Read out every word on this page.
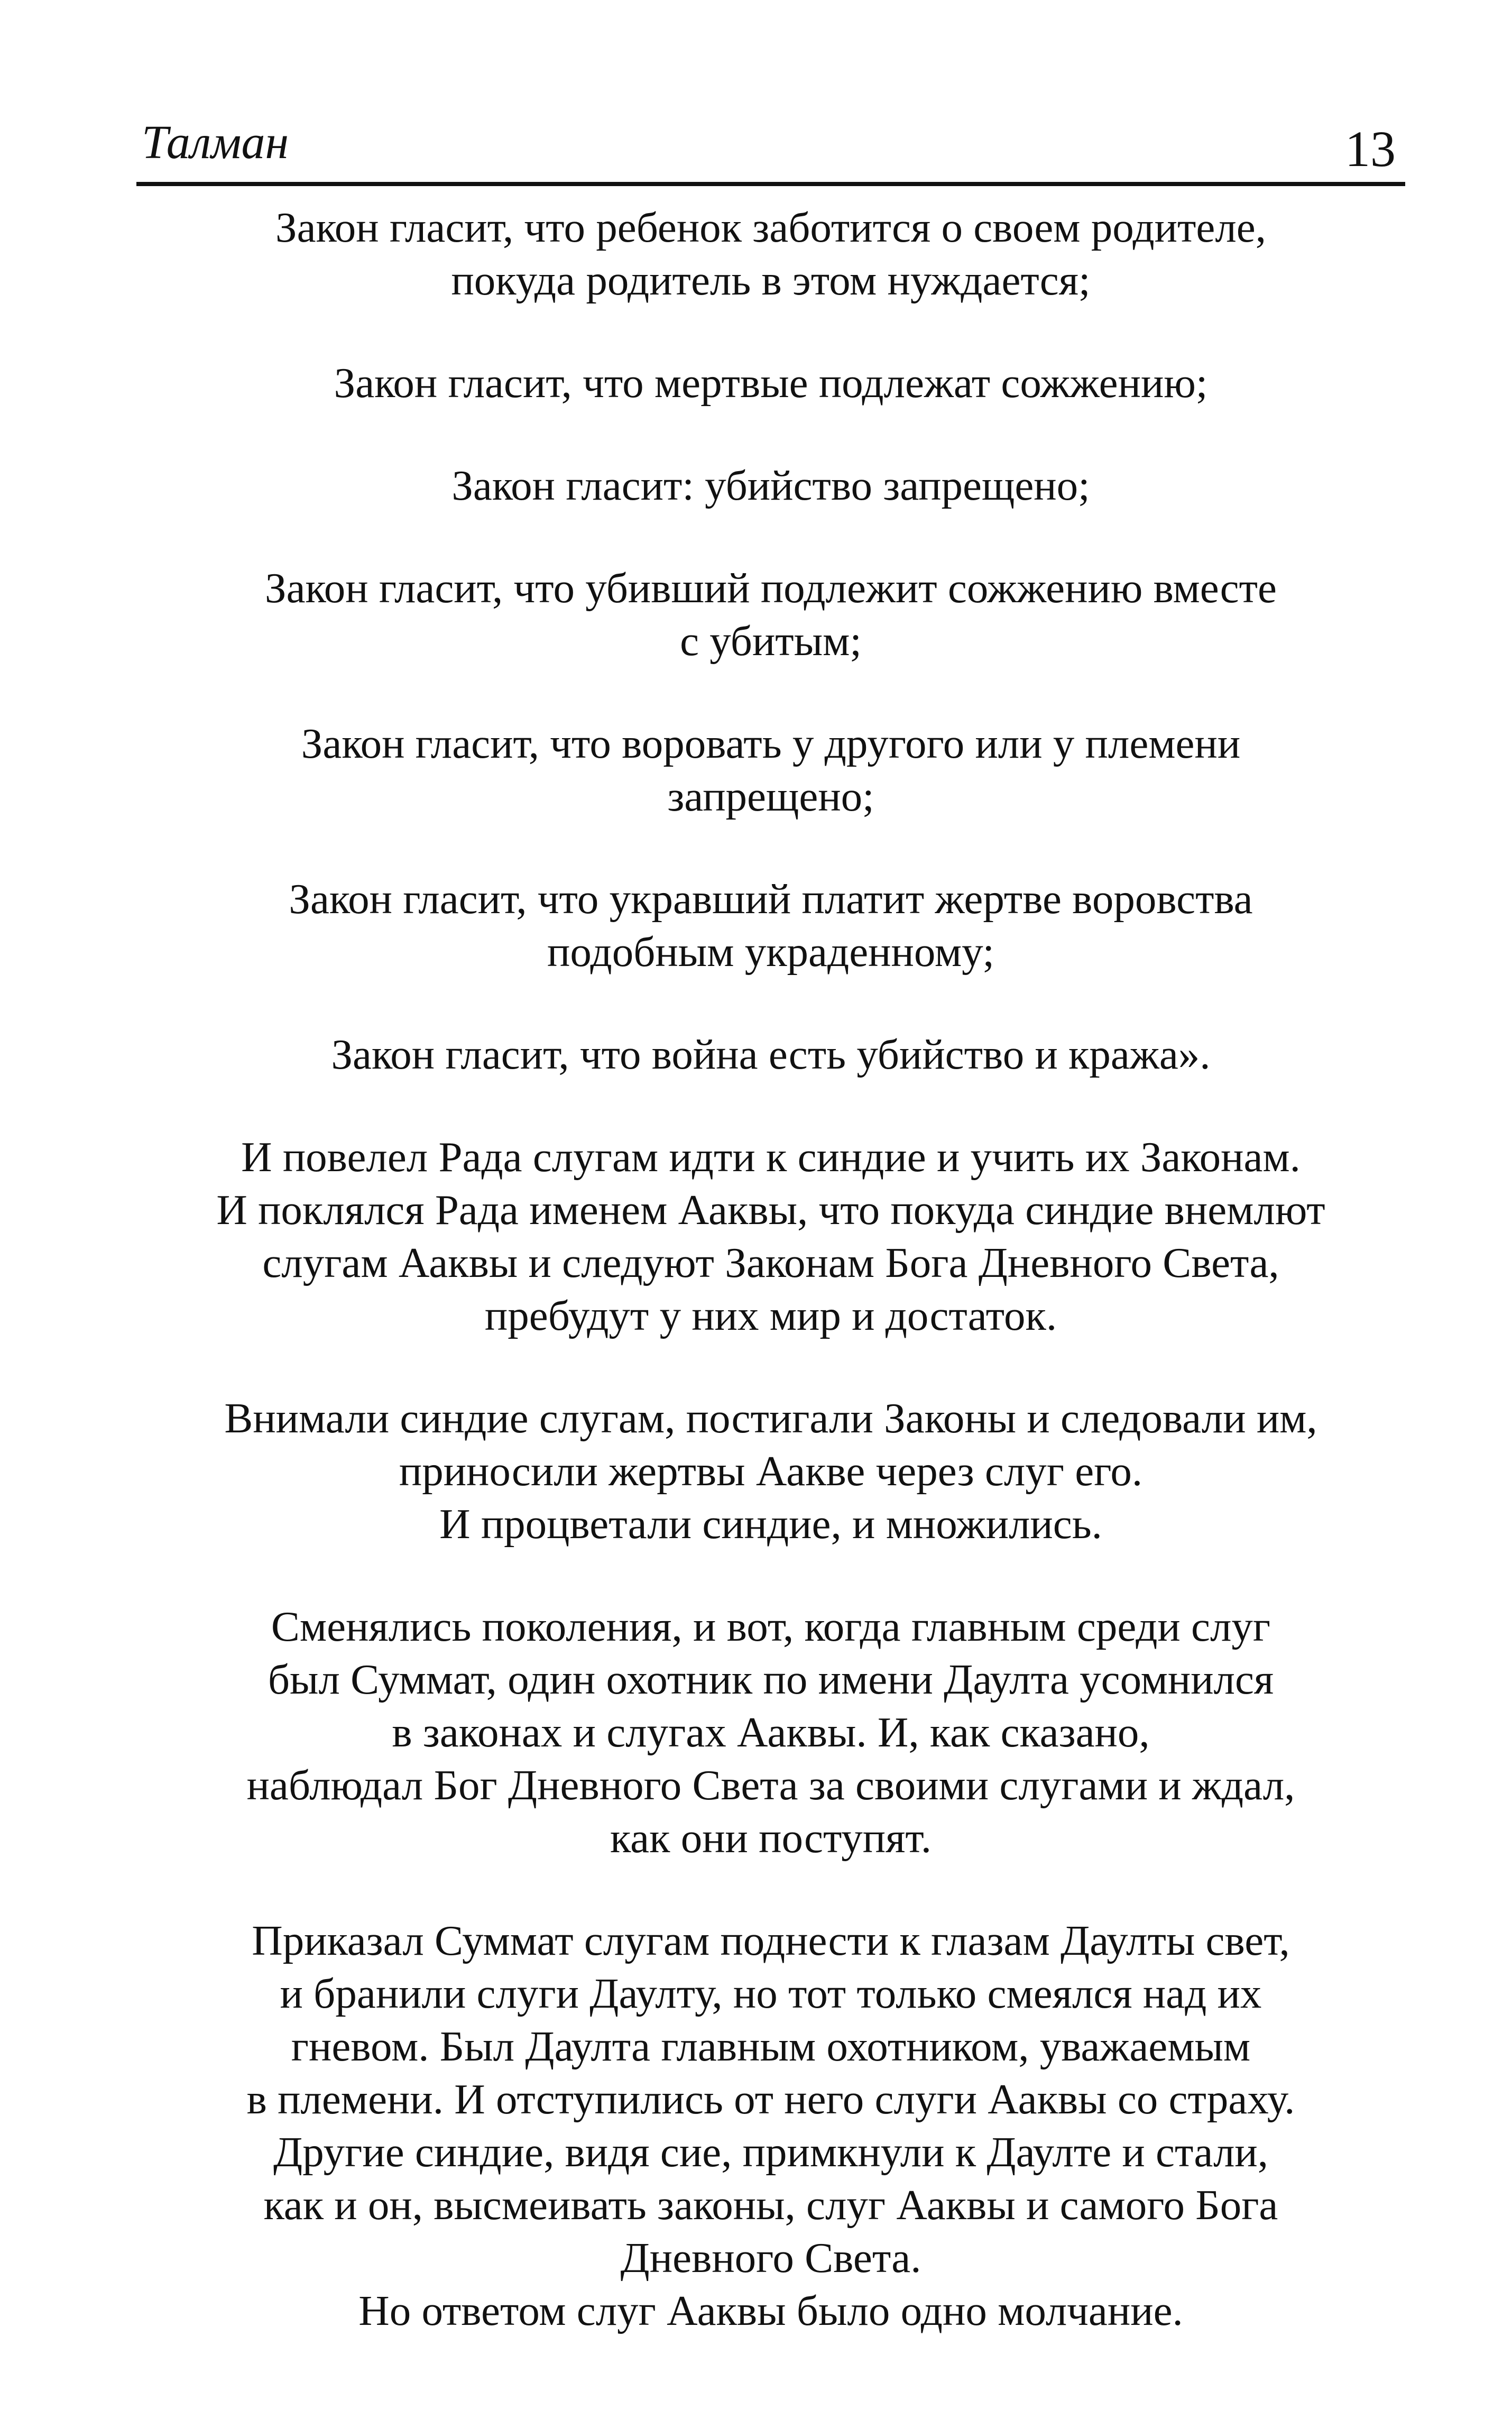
Талман	13

Закон гласит, что ребенок заботится о своем родителе,
покуда родитель в этом нуждается;

Закон гласит, что мертвые подлежат сожжению;

Закон гласит: убийство запрещено;

Закон гласит, что убивший подлежит сожжению вместе
с убитым;

Закон гласит, что воровать у другого или у племени
запрещено;

Закон гласит, что укравший платит жертве воровства
подобным украденному;

Закон гласит, что война есть убийство и кража».

И повелел Рада слугам идти к синдие и учить их Законам.
И поклялся Рада именем Ааквы, что покуда синдие внемлют
слугам Ааквы и следуют Законам Бога Дневного Света,
пребудут у них мир и достаток.

Внимали синдие слугам, постигали Законы и следовали им,
приносили жертвы Аакве через слуг его.
И процветали синдие, и множились.

Сменялись поколения, и вот, когда главным среди слуг
был Суммат, один охотник по имени Даулта усомнился
в законах и слугах Ааквы. И, как сказано,
наблюдал Бог Дневного Света за своими слугами и ждал,
как они поступят.

Приказал Суммат слугам поднести к глазам Даулты свет,
и бранили слуги Даулту, но тот только смеялся над их
гневом. Был Даулта главным охотником, уважаемым
в племени. И отступились от него слуги Ааквы со страху.
Другие синдие, видя сие, примкнули к Даулте и стали,
как и он, высмеивать законы, слуг Ааквы и самого Бога
Дневного Света.
Но ответом слуг Ааквы было одно молчание.
